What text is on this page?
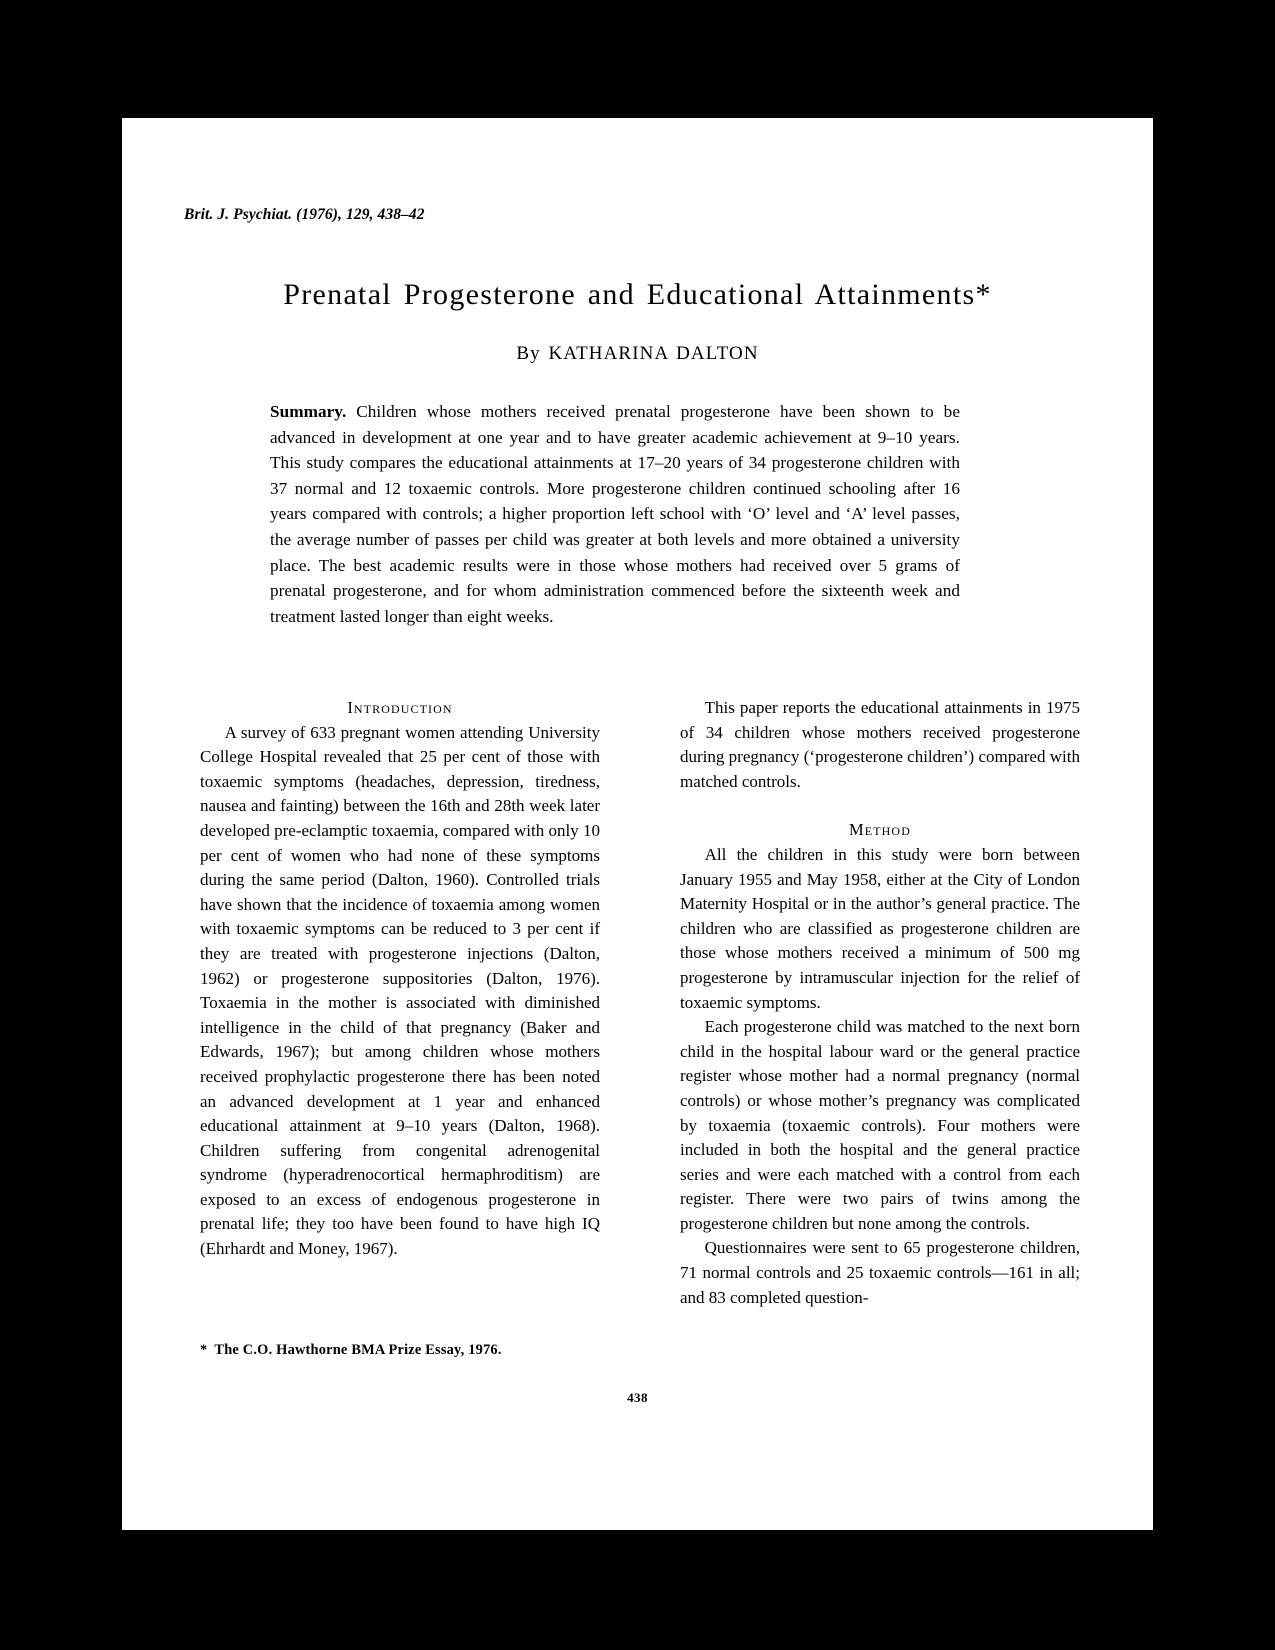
Brit. J. Psychiat. (1976), 129, 438–42
Prenatal Progesterone and Educational Attainments*
By KATHARINA DALTON
Summary. Children whose mothers received prenatal progesterone have been shown to be advanced in development at one year and to have greater academic achievement at 9–10 years. This study compares the educational attainments at 17–20 years of 34 progesterone children with 37 normal and 12 toxaemic controls. More progesterone children continued schooling after 16 years compared with controls; a higher proportion left school with ‘O’ level and ‘A’ level passes, the average number of passes per child was greater at both levels and more obtained a university place. The best academic results were in those whose mothers had received over 5 grams of prenatal progesterone, and for whom administration commenced before the sixteenth week and treatment lasted longer than eight weeks.
Introduction

A survey of 633 pregnant women attending University College Hospital revealed that 25 per cent of those with toxaemic symptoms (headaches, depression, tiredness, nausea and fainting) between the 16th and 28th week later developed pre-eclamptic toxaemia, compared with only 10 per cent of women who had none of these symptoms during the same period (Dalton, 1960). Controlled trials have shown that the incidence of toxaemia among women with toxaemic symptoms can be reduced to 3 per cent if they are treated with progesterone injections (Dalton, 1962) or progesterone suppositories (Dalton, 1976). Toxaemia in the mother is associated with diminished intelligence in the child of that pregnancy (Baker and Edwards, 1967); but among children whose mothers received prophylactic progesterone there has been noted an advanced development at 1 year and enhanced educational attainment at 9–10 years (Dalton, 1968). Children suffering from congenital adrenogenital syndrome (hyperadrenocortical hermaphroditism) are exposed to an excess of endogenous progesterone in prenatal life; they too have been found to have high IQ (Ehrhardt and Money, 1967).

This paper reports the educational attainments in 1975 of 34 children whose mothers received progesterone during pregnancy (‘progesterone children’) compared with matched controls.

Method

All the children in this study were born between January 1955 and May 1958, either at the City of London Maternity Hospital or in the author’s general practice. The children who are classified as progesterone children are those whose mothers received a minimum of 500 mg progesterone by intramuscular injection for the relief of toxaemic symptoms.

Each progesterone child was matched to the next born child in the hospital labour ward or the general practice register whose mother had a normal pregnancy (normal controls) or whose mother’s pregnancy was complicated by toxaemia (toxaemic controls). Four mothers were included in both the hospital and the general practice series and were each matched with a control from each register. There were two pairs of twins among the progesterone children but none among the controls.

Questionnaires were sent to 65 progesterone children, 71 normal controls and 25 toxaemic controls—161 in all; and 83 completed question-

* The C.O. Hawthorne BMA Prize Essay, 1976.
438
